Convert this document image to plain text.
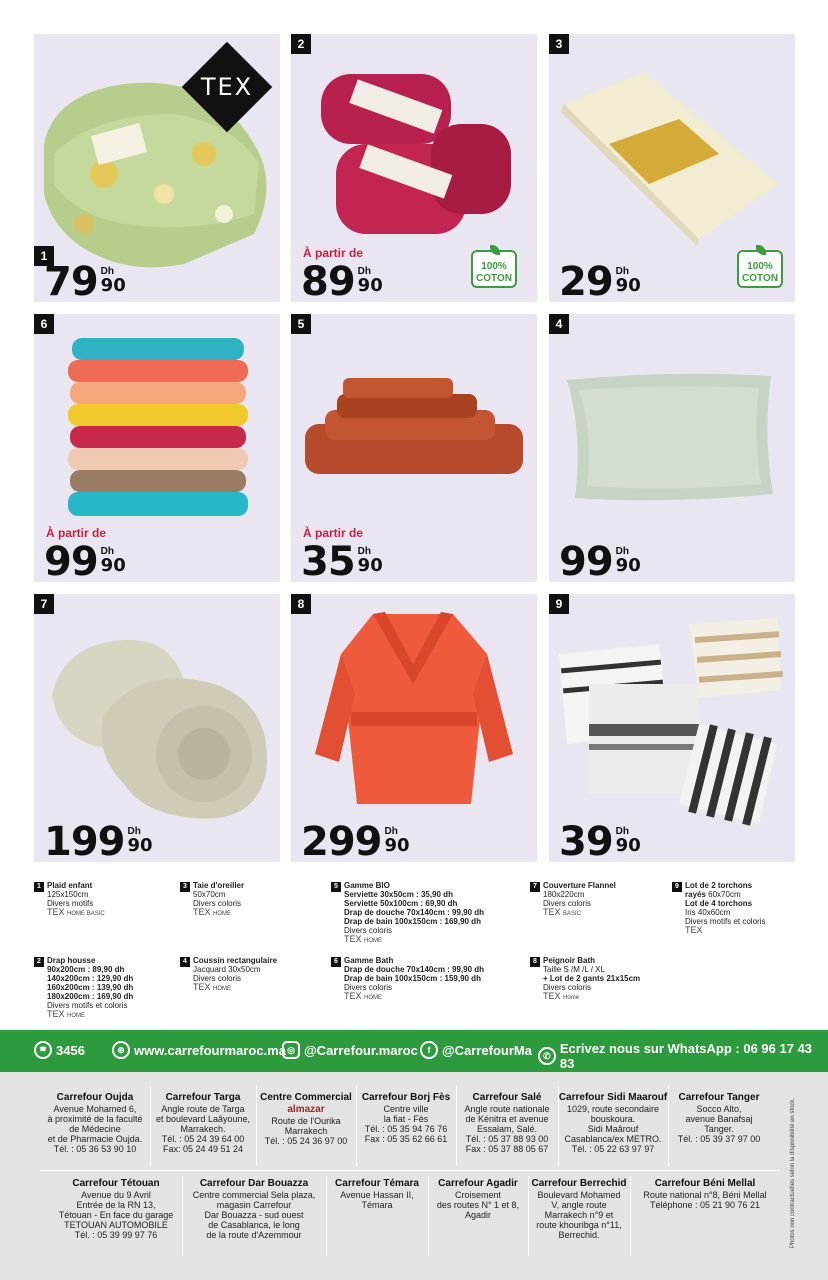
TEX
1
79 Dh
90
2
À partir de
89 Dh
90
100% COTON
3
29 Dh
90
100% COTON
6
À partir de
99 Dh
90
5
À partir de
35 Dh
90
4
99 Dh
90
7
199 Dh
90
8
299 Dh
90
9
39 Dh
90
1 Plaid enfant
125x150cm
Divers motifs
TEX HOME BASIC
2 Drap housse
90x200cm : 89,90 dh
140x200cm : 129,90 dh
160x200cm : 139,90 dh
180x200cm : 169,90 dh
Divers motifs et coloris
TEX HOME
3 Taie d'oreiller
50x70cm
Divers coloris
TEX HOME
4 Coussin rectangulaire
Jacquard 30x50cm
Divers coloris
TEX HOME
5 Gamme BIO
Serviette 30x50cm : 35,90 dh
Serviette 50x100cm : 69,90 dh
Drap de douche 70x140cm : 99,90 dh
Drap de bain 100x150cm : 169,90 dh
Divers coloris
TEX HOME
6 Gamme Bath
Drap de douche 70x140cm : 99,90 dh
Drap de bain 100x150cm : 159,90 dh
Divers coloris
TEX HOME
7 Couverture Flannel
180x220cm
Divers coloris
TEX BASIC
8 Peignoir Bath
Taille S /M /L / XL
+ Lot de 2 gants 21x15cm
Divers coloris
TEX Home
9 Lot de 2 torchons
rayés 60x70cm
Lot de 4 torchons
Iris 40x60cm
Divers motifs et coloris
TEX
☎ 3456	⊕ www.carrefourmaroc.ma ◎ @Carrefour.maroc	f @CarrefourMa	✆ Ecrivez nous sur WhatsApp : 06 96 17 43 83
Carrefour Oujda
Avenue Mohamed 6,
à proximité de la faculté
de Médecine
et de Pharmacie Oujda.
Tél. : 05 36 53 90 10
Carrefour Targa
Angle route de Targa
et boulevard Laâyoune,
Marrakech.
Tél. : 05 24 39 64 00
Fax: 05 24 49 51 24
Centre Commercial
almazar
Route de l'Ourika
Marrakech
Tél. : 05 24 36 97 00
Carrefour Borj Fès
Centre ville
la fiat - Fès
Tél. : 05 35 94 76 76
Fax : 05 35 62 66 61
Carrefour Salé
Angle route nationale
de Kénitra et avenue
Essalam, Salé.
Tél. : 05 37 88 93 00
Fax : 05 37 88 05 67
Carrefour Sidi Maarouf
1029, route secondaire
bouskoura.
Sidi Maârouf
Casablanca/ex METRO.
Tél. : 05 22 63 97 97
Carrefour Tanger
Socco Alto,
avenue Banafsaj
Tanger.
Tél. : 05 39 37 97 00
Carrefour Tétouan
Avenue du 9 Avril
Entrée de la RN 13,
Tétouan - En face du garage
TETOUAN AUTOMOBILE
Tél. : 05 39 99 97 76
Carrefour Dar Bouazza
Centre commercial Sela plaza,
magasin Carrefour
Dar Bouazza - sud ouest
de Casablanca, le long
de la route d'Azemmour
Carrefour Témara
Avenue Hassan II,
Témara
Carrefour Agadir
Croisement
des routes N° 1 et 8,
Agadir
Carrefour Berrechid
Boulevard Mohamed
V, angle route
Marrakech n°9 et
route khouribga n°11,
Berrechid.
Carrefour Béni Mellal
Route national n°8, Béni Mellal
Téléphone : 05 21 90 76 21	Photos non contractuelles selon la disponibilité en stock.
